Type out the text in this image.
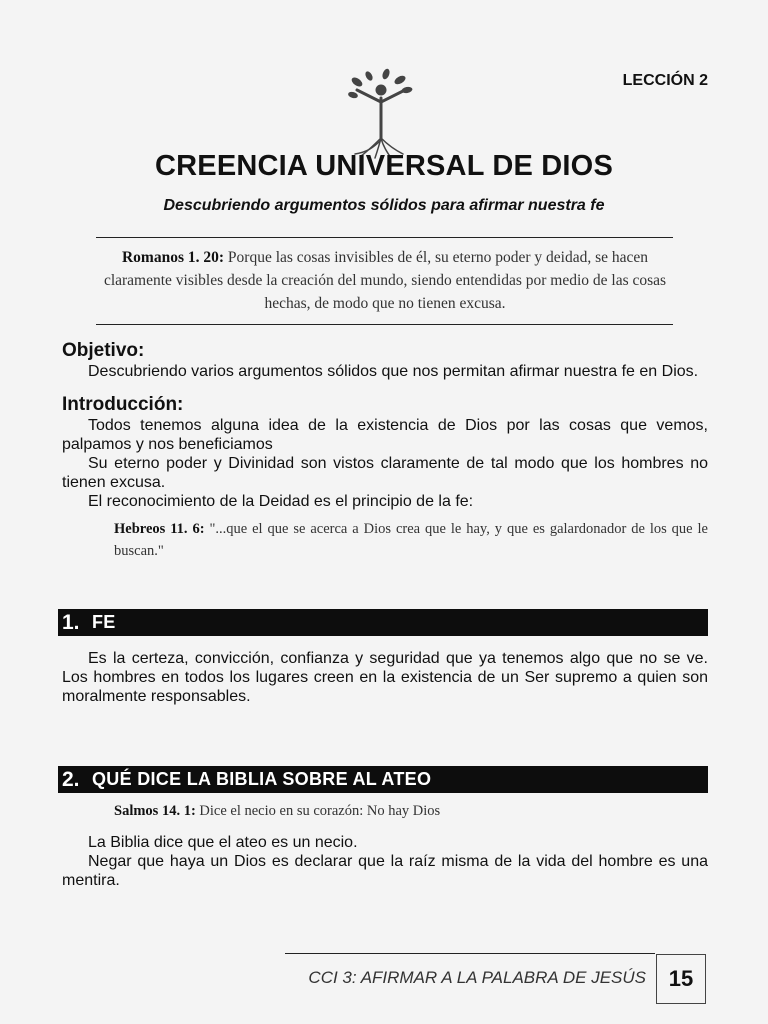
LECCIÓN 2
CREENCIA UNIVERSAL DE DIOS
Descubriendo argumentos sólidos para afirmar nuestra fe
Romanos 1. 20: Porque las cosas invisibles de él, su eterno poder y deidad, se hacen claramente visibles desde la creación del mundo, siendo entendidas por medio de las cosas hechas, de modo que no tienen excusa.
Objetivo:

Descubriendo varios argumentos sólidos que nos permitan afirmar nuestra fe en Dios.

Introducción:

Todos tenemos alguna idea de la existencia de Dios por las cosas que vemos, palpamos y nos beneficiamos

Su eterno poder y Divinidad son vistos claramente de tal modo que los hombres no tienen excusa.

El reconocimiento de la Deidad es el principio de la fe:

Hebreos 11. 6: "...que el que se acerca a Dios crea que le hay, y que es galardonador de los que le buscan."
1. FE

Es la certeza, convicción, confianza y seguridad que ya tenemos algo que no se ve. Los hombres en todos los lugares creen en la existencia de un Ser supremo a quien son moralmente responsables.

2. QUÉ DICE LA BIBLIA SOBRE AL ATEO
Salmos 14. 1: Dice el necio en su corazón: No hay Dios

La Biblia dice que el ateo es un necio.

Negar que haya un Dios es declarar que la raíz misma de la vida del hombre es una mentira.

CCI 3: AFIRMAR A LA PALABRA DE JESÚS	15
